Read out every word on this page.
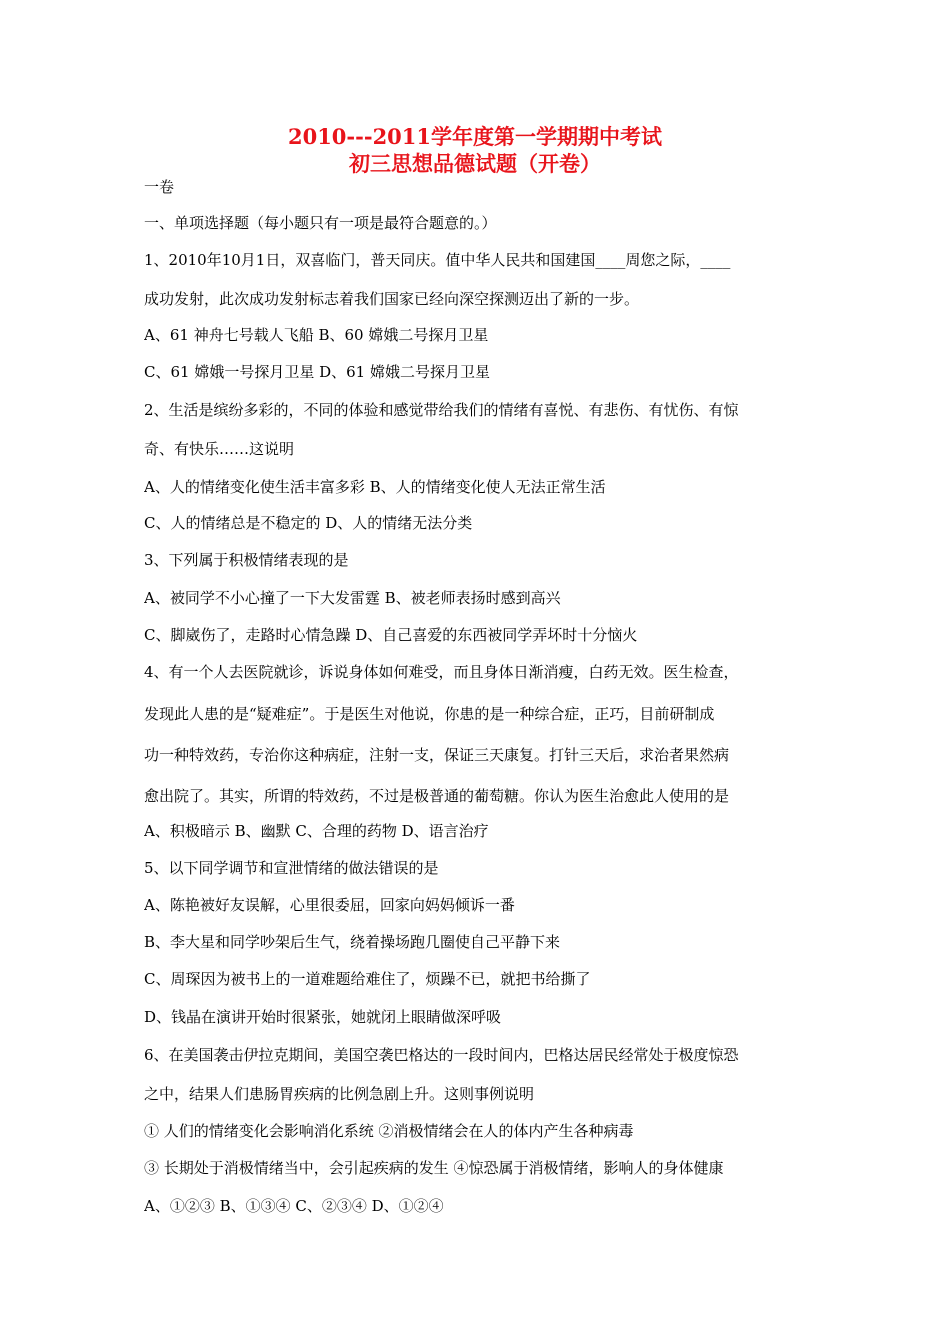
2010---2011学年度第一学期期中考试
初三思想品德试题（开卷）
一卷
一、单项选择题（每小题只有一项是最符合题意的。）
1、2010年10月1日，双喜临门，普天同庆。值中华人民共和国建国____周您之际，____
成功发射，此次成功发射标志着我们国家已经向深空探测迈出了新的一步。
A、61 神舟七号载人飞船 B、60 嫦娥二号探月卫星
C、61 嫦娥一号探月卫星 D、61 嫦娥二号探月卫星
2、生活是缤纷多彩的，不同的体验和感觉带给我们的情绪有喜悦、有悲伤、有忧伤、有惊
奇、有快乐……这说明
A、人的情绪变化使生活丰富多彩 B、人的情绪变化使人无法正常生活
C、人的情绪总是不稳定的 D、人的情绪无法分类
3、下列属于积极情绪表现的是
A、被同学不小心撞了一下大发雷霆 B、被老师表扬时感到高兴
C、脚崴伤了，走路时心情急躁 D、自己喜爱的东西被同学弄坏时十分恼火
4、有一个人去医院就诊，诉说身体如何难受，而且身体日渐消瘦，白药无效。医生检查，
发现此人患的是“疑难症”。于是医生对他说，你患的是一种综合症，正巧，目前研制成
功一种特效药，专治你这种病症，注射一支，保证三天康复。打针三天后，求治者果然病
愈出院了。其实，所谓的特效药，不过是极普通的葡萄糖。你认为医生治愈此人使用的是
A、积极暗示 B、幽默 C、合理的药物 D、语言治疗
5、以下同学调节和宣泄情绪的做法错误的是
A、陈艳被好友误解，心里很委屈，回家向妈妈倾诉一番
B、李大星和同学吵架后生气，绕着操场跑几圈使自己平静下来
C、周琛因为被书上的一道难题给难住了，烦躁不已，就把书给撕了
D、钱晶在演讲开始时很紧张，她就闭上眼睛做深呼吸
6、在美国袭击伊拉克期间，美国空袭巴格达的一段时间内，巴格达居民经常处于极度惊恐
之中，结果人们患肠胃疾病的比例急剧上升。这则事例说明
① 人们的情绪变化会影响消化系统 ②消极情绪会在人的体内产生各种病毒
③ 长期处于消极情绪当中，会引起疾病的发生 ④惊恐属于消极情绪，影响人的身体健康
A、①②③ B、①③④ C、②③④ D、①②④
